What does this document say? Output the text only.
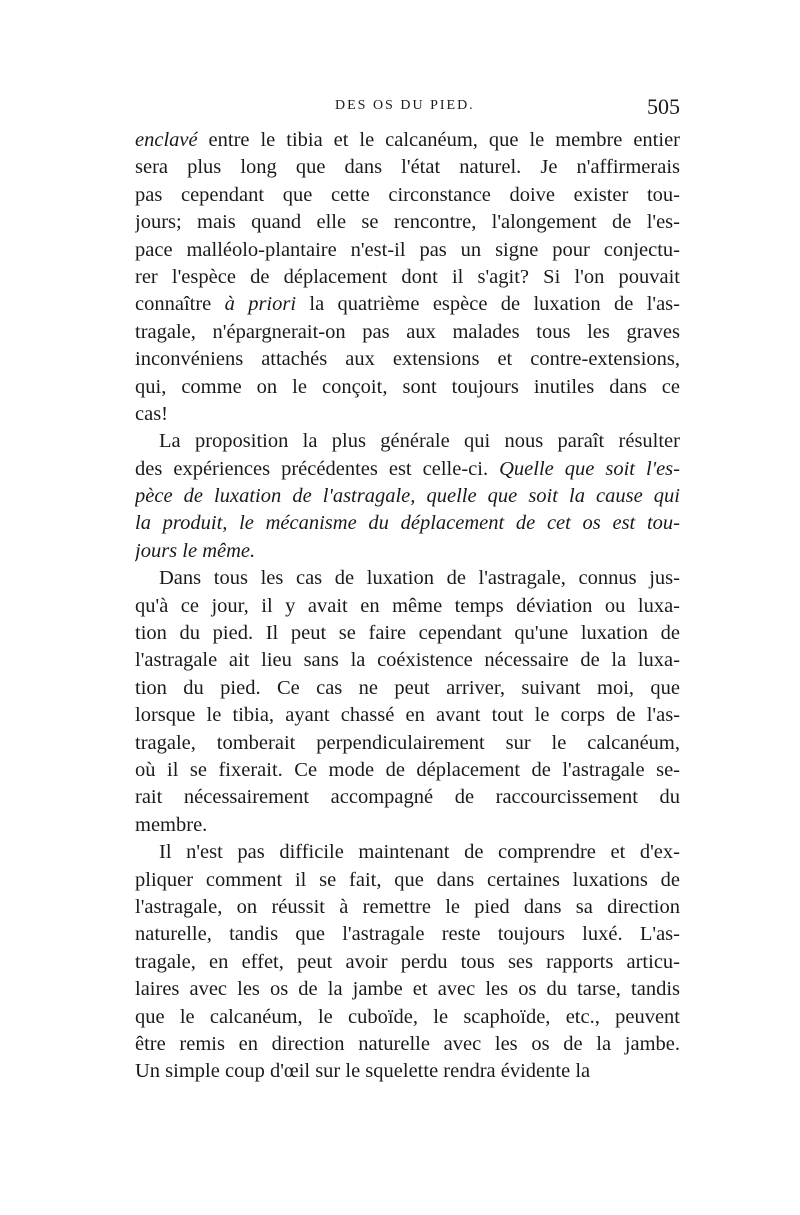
DES OS DU PIED.	505
enclavé entre le tibia et le calcanéum, que le membre entier
sera plus long que dans l'état naturel. Je n'affirmerais
pas cependant que cette circonstance doive exister tou-
jours; mais quand elle se rencontre, l'alongement de l'es-
pace malléolo-plantaire n'est-il pas un signe pour conjectu-
rer l'espèce de déplacement dont il s'agit? Si l'on pouvait
connaître à priori la quatrième espèce de luxation de l'as-
tragale, n'épargnerait-on pas aux malades tous les graves
inconvéniens attachés aux extensions et contre-extensions,
qui, comme on le conçoit, sont toujours inutiles dans ce
cas!
La proposition la plus générale qui nous paraît résulter
des expériences précédentes est celle-ci. Quelle que soit l'es-
pèce de luxation de l'astragale, quelle que soit la cause qui
la produit, le mécanisme du déplacement de cet os est tou-
jours le même.
Dans tous les cas de luxation de l'astragale, connus jus-
qu'à ce jour, il y avait en même temps déviation ou luxa-
tion du pied. Il peut se faire cependant qu'une luxation de
l'astragale ait lieu sans la coéxistence nécessaire de la luxa-
tion du pied. Ce cas ne peut arriver, suivant moi, que
lorsque le tibia, ayant chassé en avant tout le corps de l'as-
tragale, tomberait perpendiculairement sur le calcanéum,
où il se fixerait. Ce mode de déplacement de l'astragale se-
rait nécessairement accompagné de raccourcissement du
membre.
Il n'est pas difficile maintenant de comprendre et d'ex-
pliquer comment il se fait, que dans certaines luxations de
l'astragale, on réussit à remettre le pied dans sa direction
naturelle, tandis que l'astragale reste toujours luxé. L'as-
tragale, en effet, peut avoir perdu tous ses rapports articu-
laires avec les os de la jambe et avec les os du tarse, tandis
que le calcanéum, le cuboïde, le scaphoïde, etc., peuvent
être remis en direction naturelle avec les os de la jambe.
Un simple coup d'œil sur le squelette rendra évidente la
